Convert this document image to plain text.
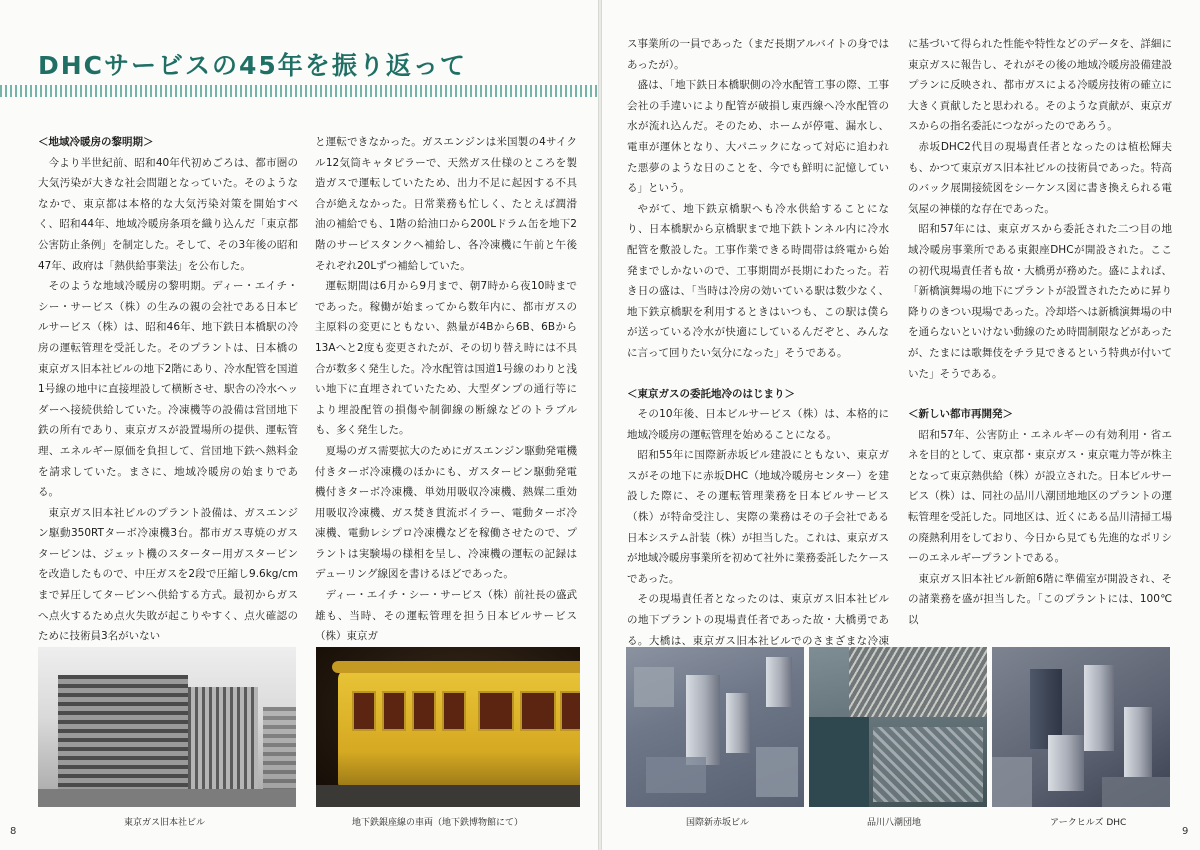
DHCサービスの45年を振り返って
＜地域冷暖房の黎明期＞

今より半世紀前、昭和40年代初めごろは、都市圏の大気汚染が大きな社会問題となっていた。そのようななかで、東京都は本格的な大気汚染対策を開始すべく、昭和44年、地域冷暖房条項を織り込んだ「東京都公害防止条例」を制定した。そして、その3年後の昭和47年、政府は「熱供給事業法」を公布した。

そのような地域冷暖房の黎明期。ディー・エイチ・シー・サービス（株）の生みの親の会社である日本ビルサービス（株）は、昭和46年、地下鉄日本橋駅の冷房の運転管理を受託した。そのプラントは、日本橋の東京ガス旧本社ビルの地下2階にあり、冷水配管を国道1号線の地中に直接埋設して横断させ、駅舎の冷水ヘッダーへ接続供給していた。冷凍機等の設備は営団地下鉄の所有であり、東京ガスが設置場所の提供、運転管理、エネルギー原価を負担して、営団地下鉄へ熱料金を請求していた。まさに、地域冷暖房の始まりである。

東京ガス旧本社ビルのプラント設備は、ガスエンジン駆動350RTターボ冷凍機3台。都市ガス専焼のガスタービンは、ジェット機のスターター用ガスタービンを改造したもので、中圧ガスを2段で圧縮し9.6kg/cmまで昇圧してタービンへ供給する方式。最初からガスへ点火するため点火失敗が起こりやすく、点火確認のために技術員3名がいない

と運転できなかった。ガスエンジンは米国製の4サイクル12気筒キャタピラーで、天然ガス仕様のところを製造ガスで運転していたため、出力不足に起因する不具合が絶えなかった。日常業務も忙しく、たとえば潤滑油の補給でも、1階の給油口から200Lドラム缶を地下2階のサービスタンクへ補給し、各冷凍機に午前と午後それぞれ20Lずつ補給していた。

運転期間は6月から9月まで、朝7時から夜10時までであった。稼働が始まってから数年内に、都市ガスの主原料の変更にともない、熱量が4Bから6B、6Bから13Aへと2度も変更されたが、その切り替え時には不具合が数多く発生した。冷水配管は国道1号線のわりと浅い地下に直埋されていたため、大型ダンプの通行等により埋設配管の損傷や制御線の断線などのトラブルも、多く発生した。

夏場のガス需要拡大のためにガスエンジン駆動発電機付きターボ冷凍機のほかにも、ガスタービン駆動発電機付きターボ冷凍機、単効用吸収冷凍機、熱媒二重効用吸収冷凍機、ガス焚き貫流ボイラー、電動ターボ冷凍機、電動レシプロ冷凍機などを稼働させたので、プラントは実験場の様相を呈し、冷凍機の運転の記録はデューリング線図を書けるほどであった。

ディー・エイチ・シー・サービス（株）前社長の盛武雄も、当時、その運転管理を担う日本ビルサービス（株）東京ガ

東京ガス旧本社ビル	地下鉄銀座線の車両（地下鉄博物館にて）
8

ス事業所の一員であった（まだ長期アルバイトの身ではあったが）。

盛は、「地下鉄日本橋駅側の冷水配管工事の際、工事会社の手違いにより配管が破損し東西線へ冷水配管の水が流れ込んだ。そのため、ホームが停電、漏水し、電車が運休となり、大パニックになって対応に追われた悪夢のような日のことを、今でも鮮明に記憶している」という。

やがて、地下鉄京橋駅へも冷水供給することになり、日本橋駅から京橋駅まで地下鉄トンネル内に冷水配管を敷設した。工事作業できる時間帯は終電から始発までしかないので、工事期間が長期にわたった。若き日の盛は、「当時は冷房の効いている駅は数少なく、地下鉄京橋駅を利用するときはいつも、この駅は僕らが送っている冷水が快適にしているんだぞと、みんなに言って回りたい気分になった」そうである。

＜東京ガスの委託地冷のはじまり＞

その10年後、日本ビルサービス（株）は、本格的に地域冷暖房の運転管理を始めることになる。

昭和55年に国際新赤坂ビル建設にともない、東京ガスがその地下に赤坂DHC（地域冷暖房センター）を建設した際に、その運転管理業務を日本ビルサービス（株）が特命受注し、実際の業務はその子会社である日本システム計装（株）が担当した。これは、東京ガスが地域冷暖房事業所を初めて社外に業務委託したケースであった。

その現場責任者となったのは、東京ガス旧本社ビルの地下プラントの現場責任者であった故・大橋勇である。大橋は、東京ガス旧本社ビルでのさまざまな冷凍

に基づいて得られた性能や特性などのデータを、詳細に東京ガスに報告し、それがその後の地域冷暖房設備建設プランに反映され、都市ガスによる冷暖房技術の確立に大きく貢献したと思われる。そのような貢献が、東京ガスからの指名委託につながったのであろう。

赤坂DHC2代目の現場責任者となったのは植松輝夫も、かつて東京ガス旧本社ビルの技術員であった。特高のバック展開接続図をシーケンス図に書き換えられる電気屋の神様的な存在であった。

昭和57年には、東京ガスから委託された二つ目の地域冷暖房事業所である東銀座DHCが開設された。ここの初代現場責任者も故・大橋勇が務めた。盛によれば、「新橋演舞場の地下にプラントが設置されたために昇り降りのきつい現場であった。冷却塔へは新橋演舞場の中を通らないといけない動線のため時間制限などがあったが、たまには歌舞伎をチラ見できるという特典が付いていた」そうである。

＜新しい都市再開発＞

昭和57年、公害防止・エネルギーの有効利用・省エネを目的として、東京都・東京ガス・東京電力等が株主となって東京熱供給（株）が設立された。日本ビルサービス（株）は、同社の品川八潮団地地区のプラントの運転管理を受託した。同地区は、近くにある品川清掃工場の廃熱利用をしており、今日から見ても先進的なポリシーのエネルギープラントである。

東京ガス旧本社ビル新館6階に準備室が開設され、その諸業務を盛が担当した。「このプラントには、100℃以

国際新赤坂ビル	品川八潮団地	アークヒルズ DHC
9
